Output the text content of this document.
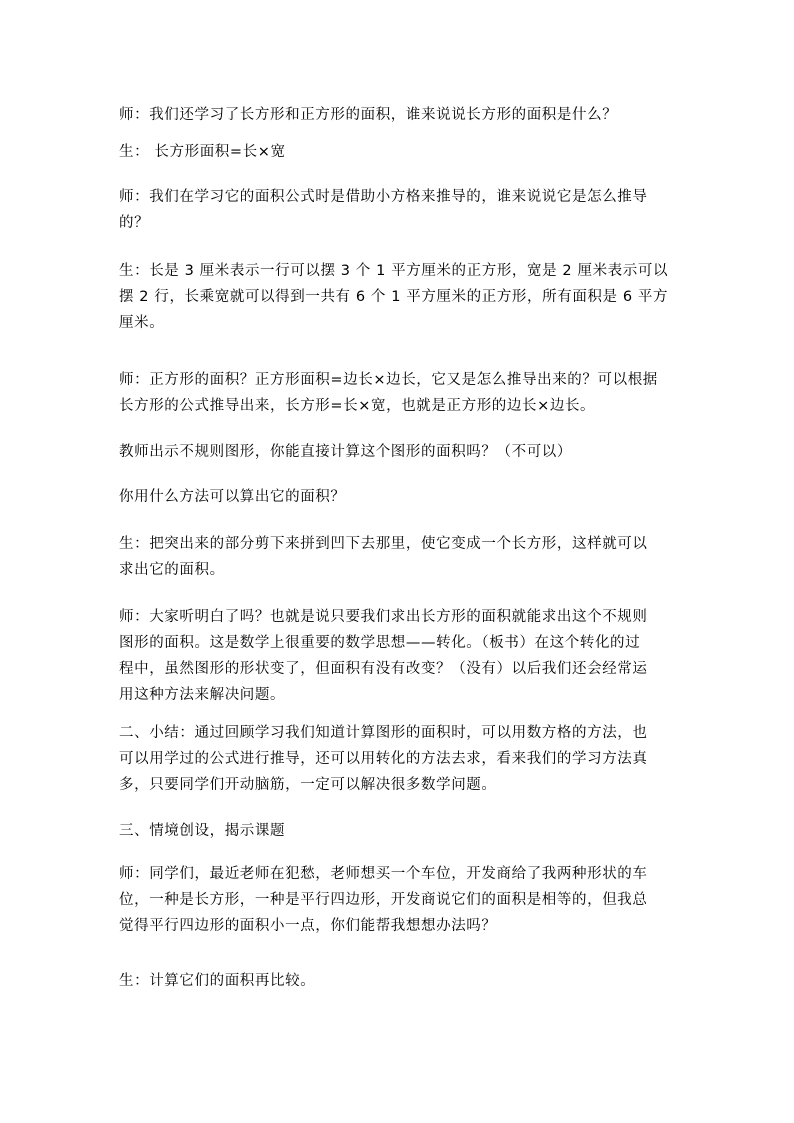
师：我们还学习了长方形和正方形的面积，谁来说说长方形的面积是什么？

生： 长方形面积=长×宽

师：我们在学习它的面积公式时是借助小方格来推导的，谁来说说它是怎么推导
的？

生：长是 3 厘米表示一行可以摆 3 个 1 平方厘米的正方形，宽是 2 厘米表示可以
摆 2 行，长乘宽就可以得到一共有 6 个 1 平方厘米的正方形，所有面积是 6 平方
厘米。

师：正方形的面积？正方形面积=边长×边长，它又是怎么推导出来的？可以根据
长方形的公式推导出来，长方形=长×宽，也就是正方形的边长×边长。

教师出示不规则图形，你能直接计算这个图形的面积吗？（不可以）

你用什么方法可以算出它的面积？

生：把突出来的部分剪下来拼到凹下去那里，使它变成一个长方形，这样就可以
求出它的面积。

师：大家听明白了吗？也就是说只要我们求出长方形的面积就能求出这个不规则
图形的面积。这是数学上很重要的数学思想——转化。（板书）在这个转化的过
程中，虽然图形的形状变了，但面积有没有改变？（没有）以后我们还会经常运
用这种方法来解决问题。

二、小结：通过回顾学习我们知道计算图形的面积时，可以用数方格的方法，也
可以用学过的公式进行推导，还可以用转化的方法去求，看来我们的学习方法真
多，只要同学们开动脑筋，一定可以解决很多数学问题。

三、情境创设，揭示课题

师：同学们，最近老师在犯愁，老师想买一个车位，开发商给了我两种形状的车
位，一种是长方形，一种是平行四边形，开发商说它们的面积是相等的，但我总
觉得平行四边形的面积小一点，你们能帮我想想办法吗？

生：计算它们的面积再比较。
